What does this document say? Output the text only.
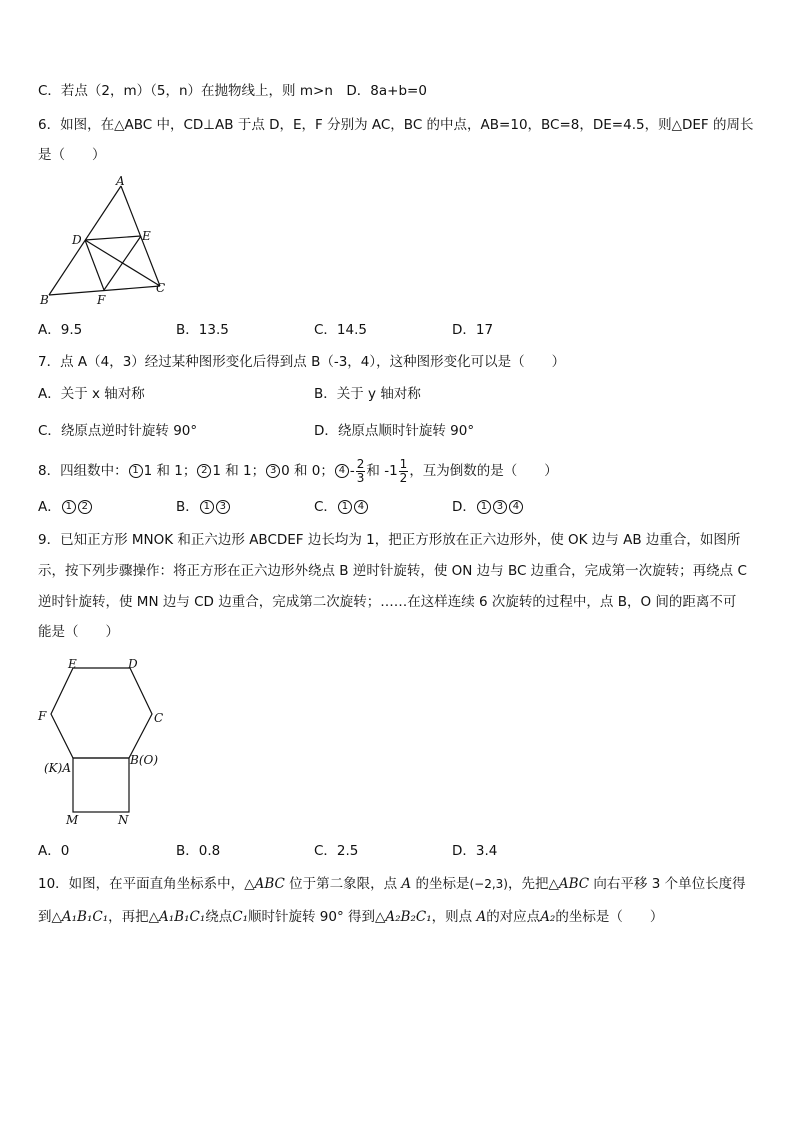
C．若点（2，m）（5，n）在抛物线上，则 m>n　D．8a+b=0
6．如图，在△ABC 中，CD⊥AB 于点 D，E，F 分别为 AC，BC 的中点，AB=10，BC=8，DE=4.5，则△DEF 的周长
是（　　）
A
D	E
B	F
C
A．9.5	B．13.5	C．14.5	D．17
7．点 A（4，3）经过某种图形变化后得到点 B（-3，4），这种图形变化可以是（　　）
A．关于 x 轴对称	B．关于 y 轴对称
C．绕原点逆时针旋转 90°	D．绕原点顺时针旋转 90°
8．四组数中： 1 1 和 1； 2 1 和 1； 3 0 和 0； $4 - \frac{2}{3}$ 和 $-1 \frac{1}{2}$ ，互为倒数的是（　　）
A． 1 2	B． 1 3	C． 1 4	D． 1 3 4
9．已知正方形 MNOK 和正六边形 ABCDEF 边长均为 1，把正方形放在正六边形外，使 OK 边与 AB 边重合，如图所
示，按下列步骤操作：将正方形在正六边形外绕点 B 逆时针旋转，使 ON 边与 BC 边重合，完成第一次旋转；再绕点 C
逆时针旋转，使 MN 边与 CD 边重合，完成第二次旋转；……在这样连续 6 次旋转的过程中，点 B，O 间的距离不可
能是（　　）
E	D
F	C
(K)A
B(O)
M	N
A．0	B．0.8	C．2.5	D．3.4
10．如图，在平面直角坐标系中，△ABC 位于第二象限，点 A 的坐标是(−2,3)，先把△ABC 向右平移 3 个单位长度得
到△A₁B₁C₁，再把△A₁B₁C₁绕点C₁顺时针旋转 90° 得到△A₂B₂C₁，则点 A的对应点A₂的坐标是（　　）
